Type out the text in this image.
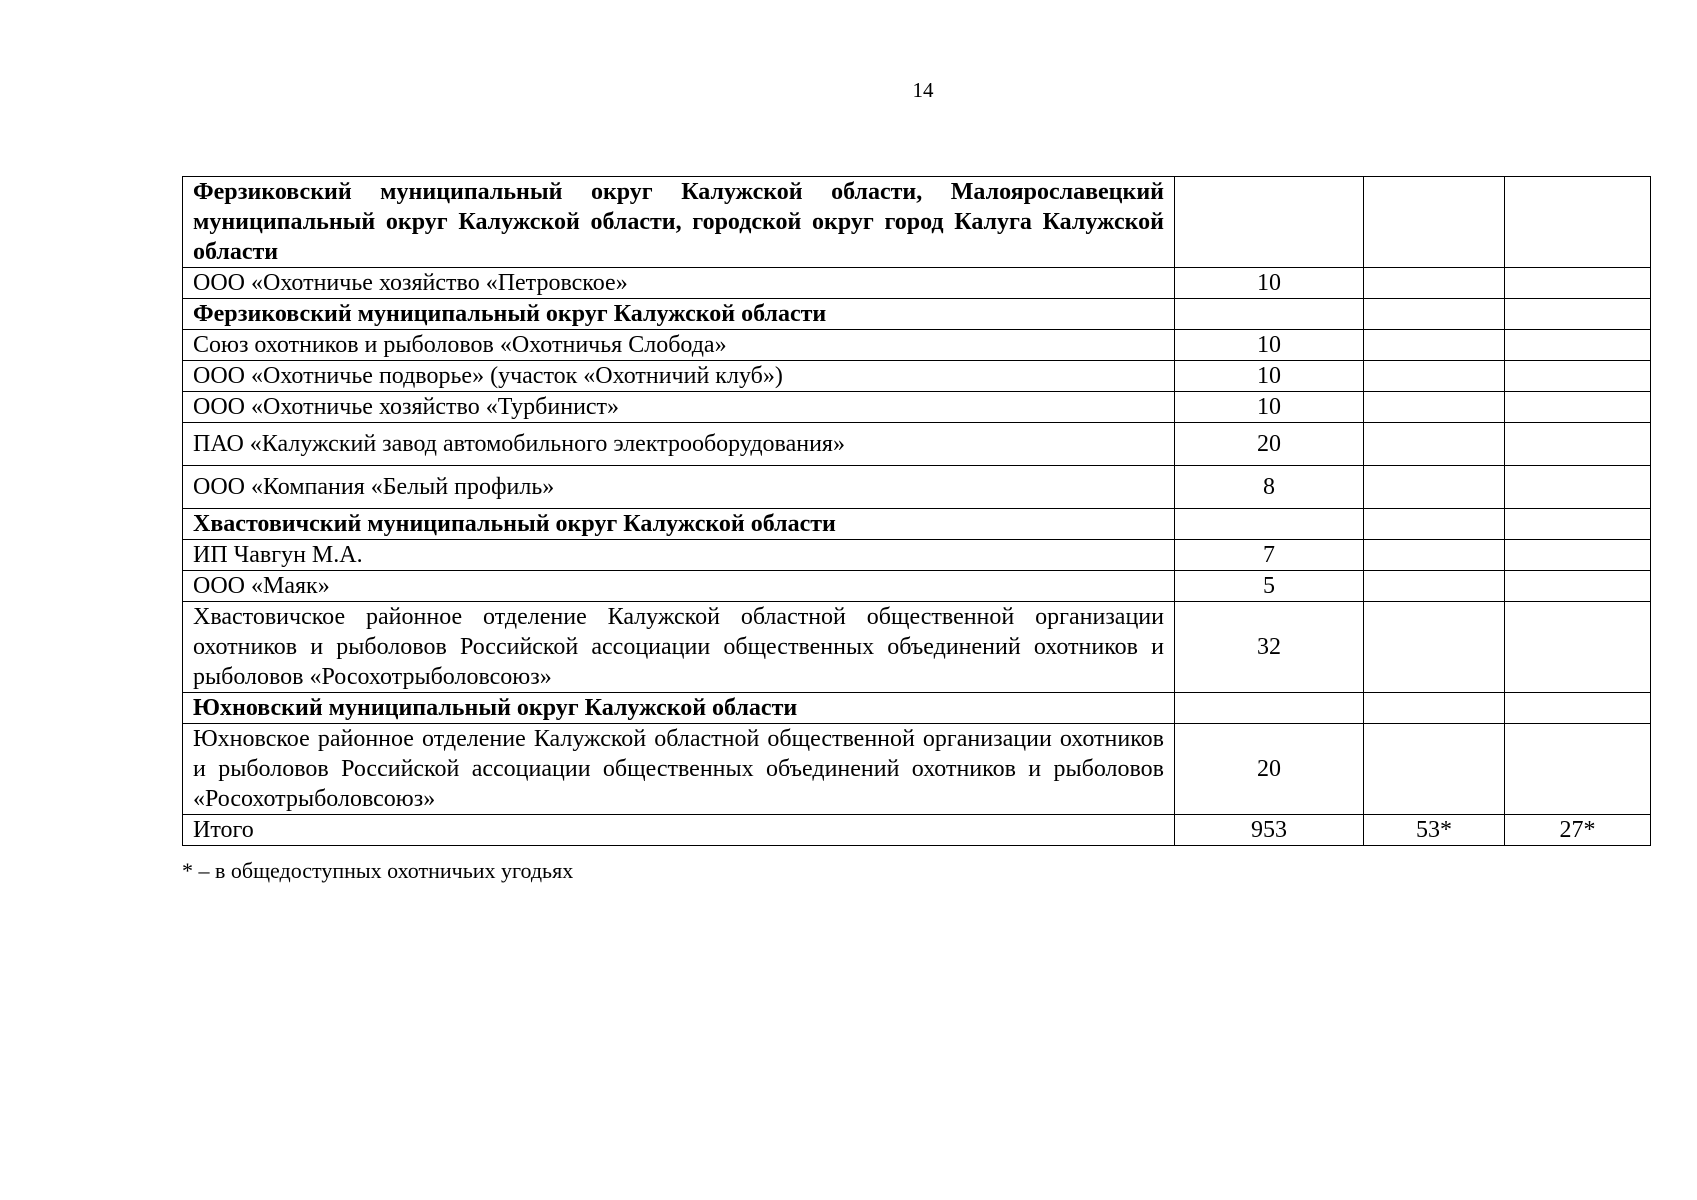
14
Ферзиковский муниципальный округ Калужской области, Малоярославецкий муниципальный округ Калужской области, городской округ город Калуга Калужской области			
ООО «Охотничье хозяйство «Петровское»	10		
Ферзиковский муниципальный округ Калужской области			
Союз охотников и рыболовов «Охотничья Слобода»	10		
ООО «Охотничье подворье» (участок «Охотничий клуб»)	10		
ООО «Охотничье хозяйство «Турбинист»	10		
ПАО «Калужский завод автомобильного электрооборудования»	20		
ООО «Компания «Белый профиль»	8		
Хвастовичский муниципальный округ Калужской области			
ИП Чавгун М.А.	7		
ООО «Маяк»	5		
Хвастовичское районное отделение Калужской областной общественной организации охотников и рыболовов Российской ассоциации общественных объединений охотников и рыболовов «Росохотрыболовсоюз»	32		
Юхновский муниципальный округ Калужской области			
Юхновское районное отделение Калужской областной общественной организации охотников и рыболовов Российской ассоциации общественных объединений охотников и рыболовов «Росохотрыболовсоюз»	20		
Итого	953	53*	27*
* – в общедоступных охотничьих угодьях
